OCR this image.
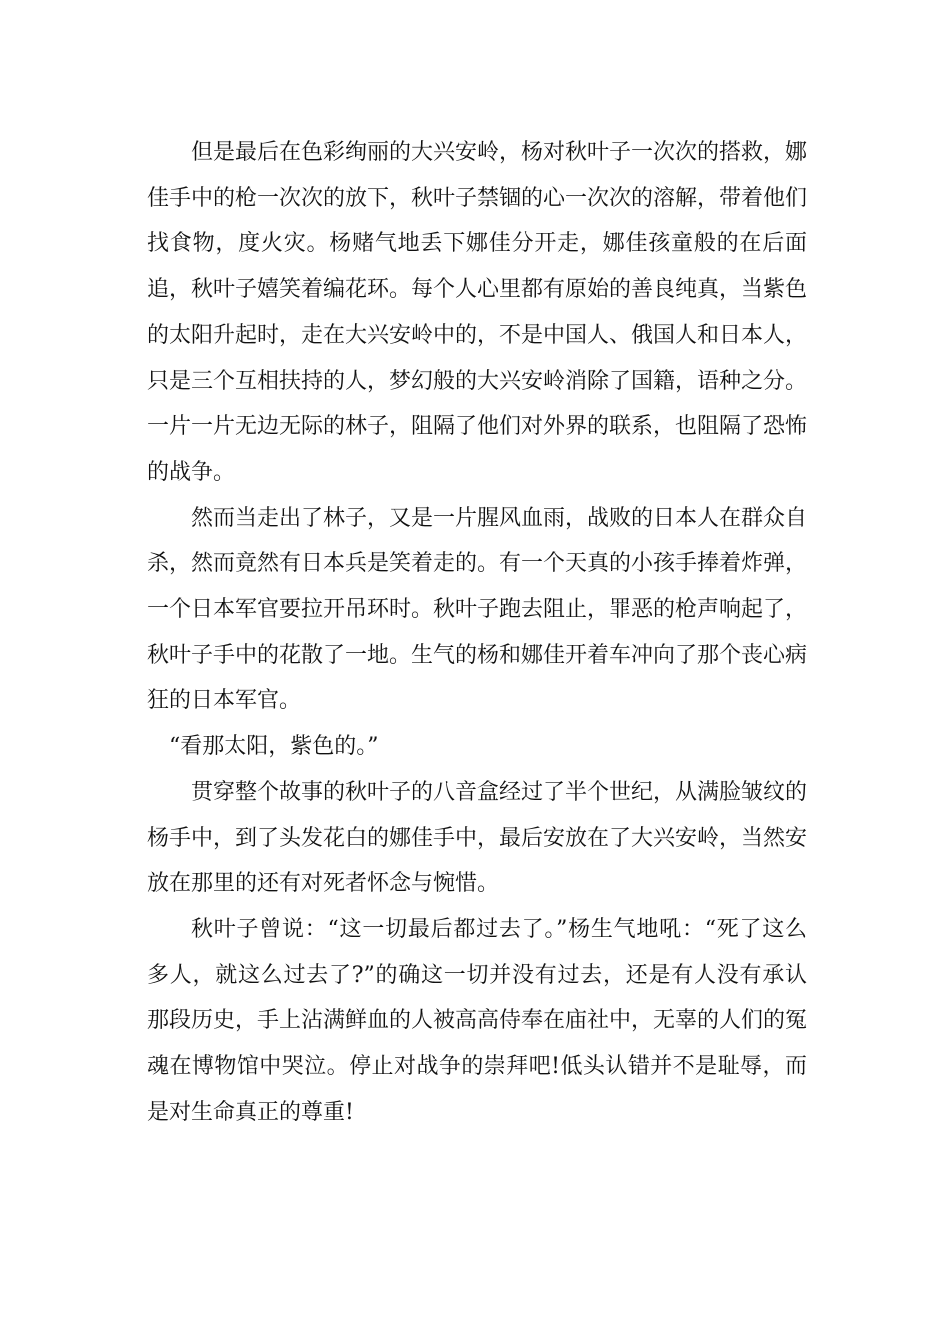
但是最后在色彩绚丽的大兴安岭，杨对秋叶子一次次的搭救，娜佳手中的枪一次次的放下，秋叶子禁锢的心一次次的溶解，带着他们找食物，度火灾。杨赌气地丢下娜佳分开走，娜佳孩童般的在后面追，秋叶子嬉笑着编花环。每个人心里都有原始的善良纯真，当紫色的太阳升起时，走在大兴安岭中的，不是中国人、俄国人和日本人，只是三个互相扶持的人，梦幻般的大兴安岭消除了国籍，语种之分。一片一片无边无际的林子，阻隔了他们对外界的联系，也阻隔了恐怖的战争。

然而当走出了林子，又是一片腥风血雨，战败的日本人在群众自杀，然而竟然有日本兵是笑着走的。有一个天真的小孩手捧着炸弹，一个日本军官要拉开吊环时。秋叶子跑去阻止，罪恶的枪声响起了，秋叶子手中的花散了一地。生气的杨和娜佳开着车冲向了那个丧心病狂的日本军官。

“看那太阳，紫色的。”

贯穿整个故事的秋叶子的八音盒经过了半个世纪，从满脸皱纹的杨手中，到了头发花白的娜佳手中，最后安放在了大兴安岭，当然安放在那里的还有对死者怀念与惋惜。

秋叶子曾说：“这一切最后都过去了。”杨生气地吼：“死了这么多人，就这么过去了?”的确这一切并没有过去，还是有人没有承认那段历史，手上沾满鲜血的人被高高侍奉在庙社中，无辜的人们的冤魂在博物馆中哭泣。停止对战争的崇拜吧!低头认错并不是耻辱，而是对生命真正的尊重!
